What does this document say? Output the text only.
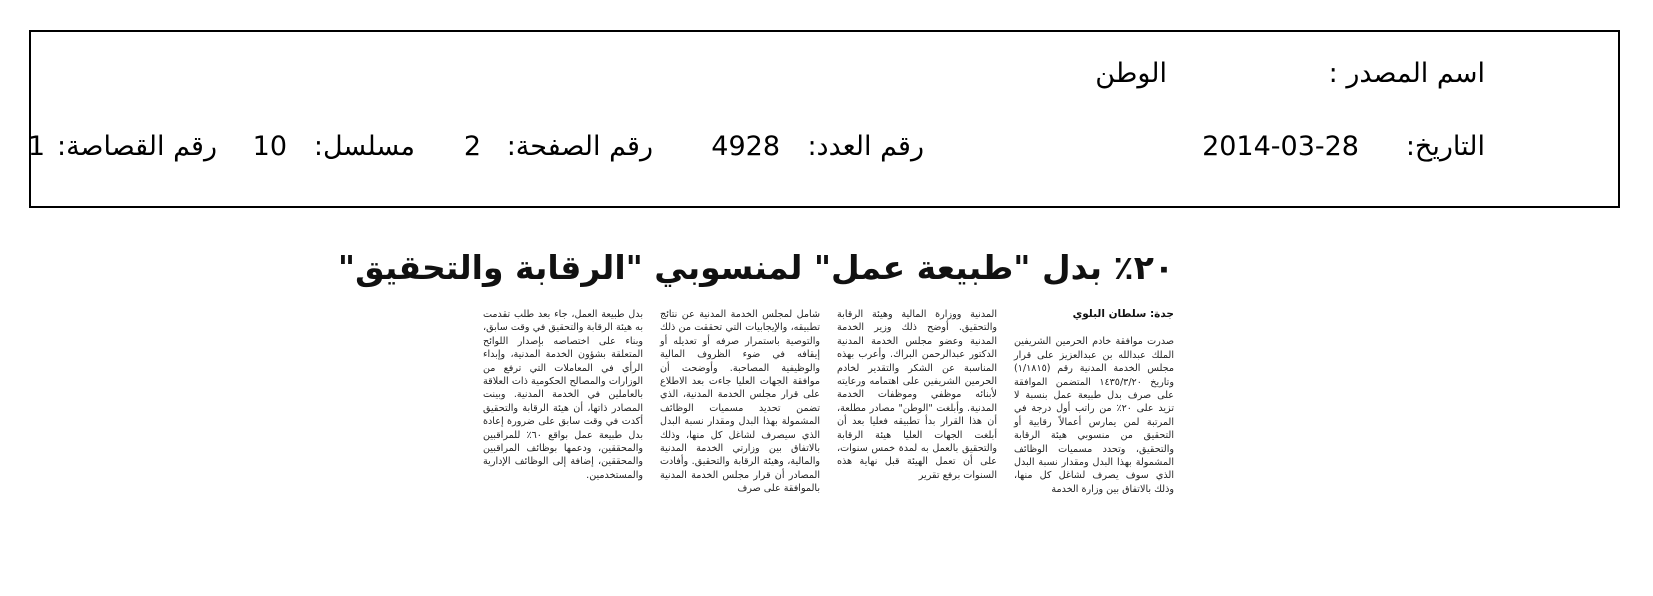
اسم المصدر :
الوطن
التاريخ:
2014-03-28
رقم العدد:
4928
رقم الصفحة:
2
مسلسل:
10
رقم القصاصة:
1
٢٠٪ بدل "طبيعة عمل" لمنسوبي "الرقابة والتحقيق"

جدة: سلطان البلوي

صدرت موافقة خادم الحرمين الشريفين الملك عبدالله بن عبدالعزيز على قرار مجلس الخدمة المدنية رقم (١/١٨١٥) وتاريخ ١٤٣٥/٣/٢٠ المتضمن الموافقة على صرف بدل طبيعة عمل بنسبة لا تزيد على ٢٠٪ من راتب أول درجة في المرتبة لمن يمارس أعمالاً رقابية أو التحقيق من منسوبي هيئة الرقابة والتحقيق، وتحدد مسميات الوظائف المشمولة بهذا البدل ومقدار نسبة البدل الذي سوف يصرف لشاغل كل منها، وذلك بالاتفاق بين وزارة الخدمة

المدنية ووزارة المالية وهيئة الرقابة والتحقيق. أوضح ذلك وزير الخدمة المدنية وعضو مجلس الخدمة المدنية الدكتور عبدالرحمن البراك. وأعرب بهذه المناسبة عن الشكر والتقدير لخادم الحرمين الشريفين على اهتمامه ورعايته لأبنائه موظفي وموظفات الخدمة المدنية. وأبلغت "الوطن" مصادر مطلعة، أن هذا القرار بدأ تطبيقه فعليا بعد أن أبلغت الجهات العليا هيئة الرقابة والتحقيق بالعمل به لمدة خمس سنوات، على أن تعمل الهيئة قبل نهاية هذه السنوات برفع تقرير

شامل لمجلس الخدمة المدنية عن نتائج تطبيقه، والإيجابيات التي تحققت من ذلك والتوصية باستمرار صرفه أو تعديله أو إيقافه في ضوء الظروف المالية والوظيفية المصاحبة. وأوضحت أن موافقة الجهات العليا جاءت بعد الاطلاع على قرار مجلس الخدمة المدنية، الذي تضمن تحديد مسميات الوظائف المشمولة بهذا البدل ومقدار نسبة البدل الذي سيصرف لشاغل كل منها، وذلك بالاتفاق بين وزارتي الخدمة المدنية والمالية، وهيئة الرقابة والتحقيق. وأفادت المصادر أن قرار مجلس الخدمة المدنية بالموافقة على صرف

بدل طبيعة العمل، جاء بعد طلب تقدمت به هيئة الرقابة والتحقيق في وقت سابق، وبناء على اختصاصه بإصدار اللوائح المتعلقة بشؤون الخدمة المدنية، وإبداء الرأي في المعاملات التي ترفع من الوزارات والمصالح الحكومية ذات العلاقة بالعاملين في الخدمة المدنية. وبينت المصادر ذاتها، أن هيئة الرقابة والتحقيق أكدت في وقت سابق على ضرورة إعادة بدل طبيعة عمل بواقع ٦٠٪ للمراقبين والمحققين، ودعمها بوظائف المراقبين والمحققين، إضافة إلى الوظائف الإدارية والمستخدمين.
